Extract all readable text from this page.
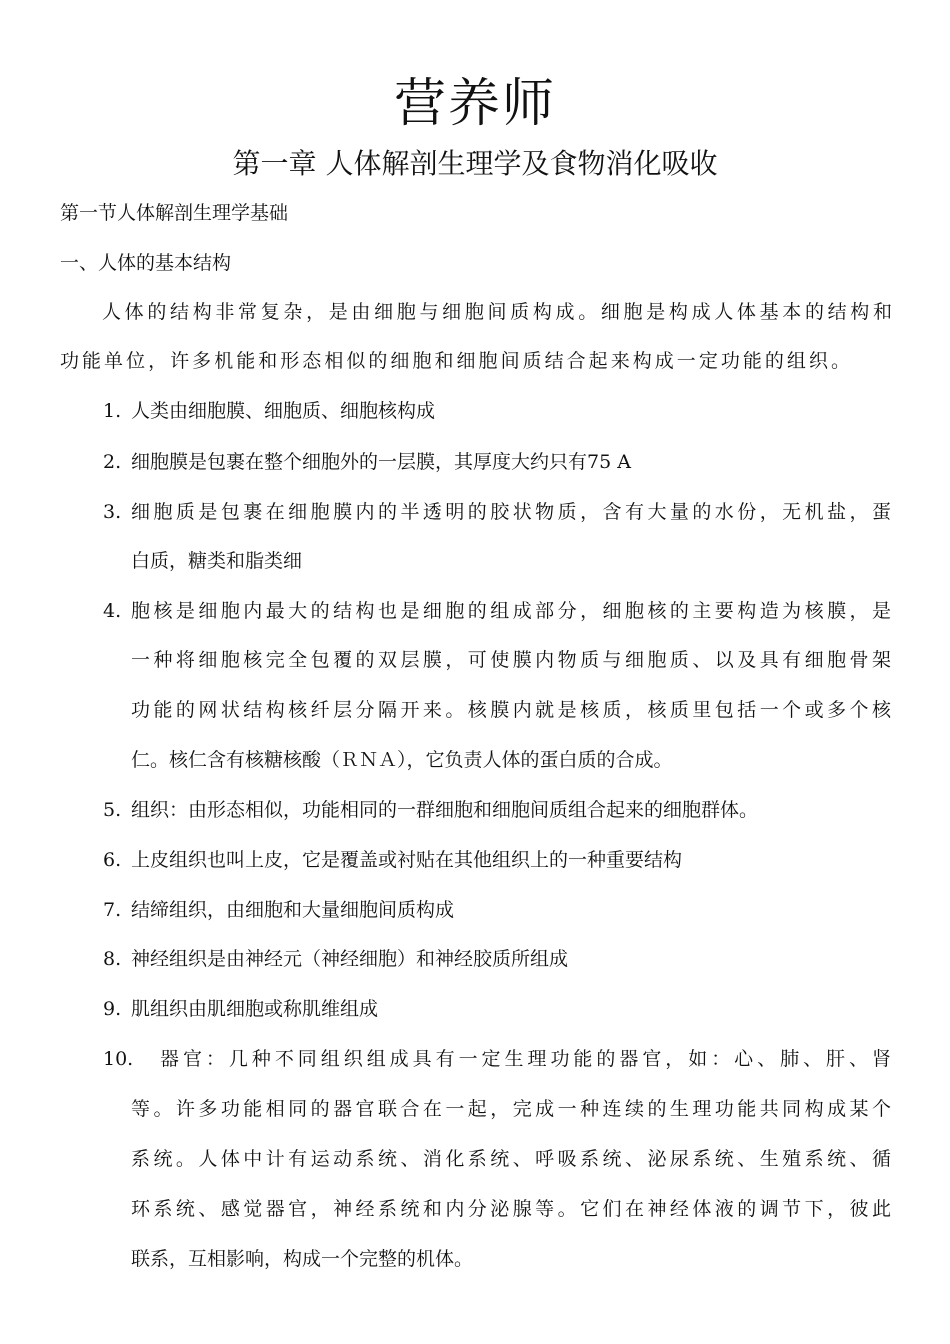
营养师
第一章 人体解剖生理学及食物消化吸收
第一节人体解剖生理学基础
一、人体的基本结构
人体的结构非常复杂，是由细胞与细胞间质构成。细胞是构成人体基本的结构和
功能单位，许多机能和形态相似的细胞和细胞间质结合起来构成一定功能的组织。
1. 人类由细胞膜、细胞质、细胞核构成
2. 细胞膜是包裹在整个细胞外的一层膜，其厚度大约只有75 A
3. 细胞质是包裹在细胞膜内的半透明的胶状物质，含有大量的水份，无机盐，蛋
白质，糖类和脂类细
4. 胞核是细胞内最大的结构也是细胞的组成部分，细胞核的主要构造为核膜，是
一种将细胞核完全包覆的双层膜，可使膜内物质与细胞质、以及具有细胞骨架
功能的网状结构核纤层分隔开来。核膜内就是核质，核质里包括一个或多个核
仁。核仁含有核糖核酸（ＲＮＡ），它负责人体的蛋白质的合成。
5. 组织：由形态相似，功能相同的一群细胞和细胞间质组合起来的细胞群体。
6. 上皮组织也叫上皮，它是覆盖或衬贴在其他组织上的一种重要结构
7. 结缔组织，由细胞和大量细胞间质构成
8. 神经组织是由神经元（神经细胞）和神经胶质所组成
9. 肌组织由肌细胞或称肌维组成
10. 器官：几种不同组织组成具有一定生理功能的器官，如：心、肺、肝、肾
等。许多功能相同的器官联合在一起，完成一种连续的生理功能共同构成某个
系统。人体中计有运动系统、消化系统、呼吸系统、泌尿系统、生殖系统、循
环系统、感觉器官，神经系统和内分泌腺等。它们在神经体液的调节下，彼此
联系，互相影响，构成一个完整的机体。
